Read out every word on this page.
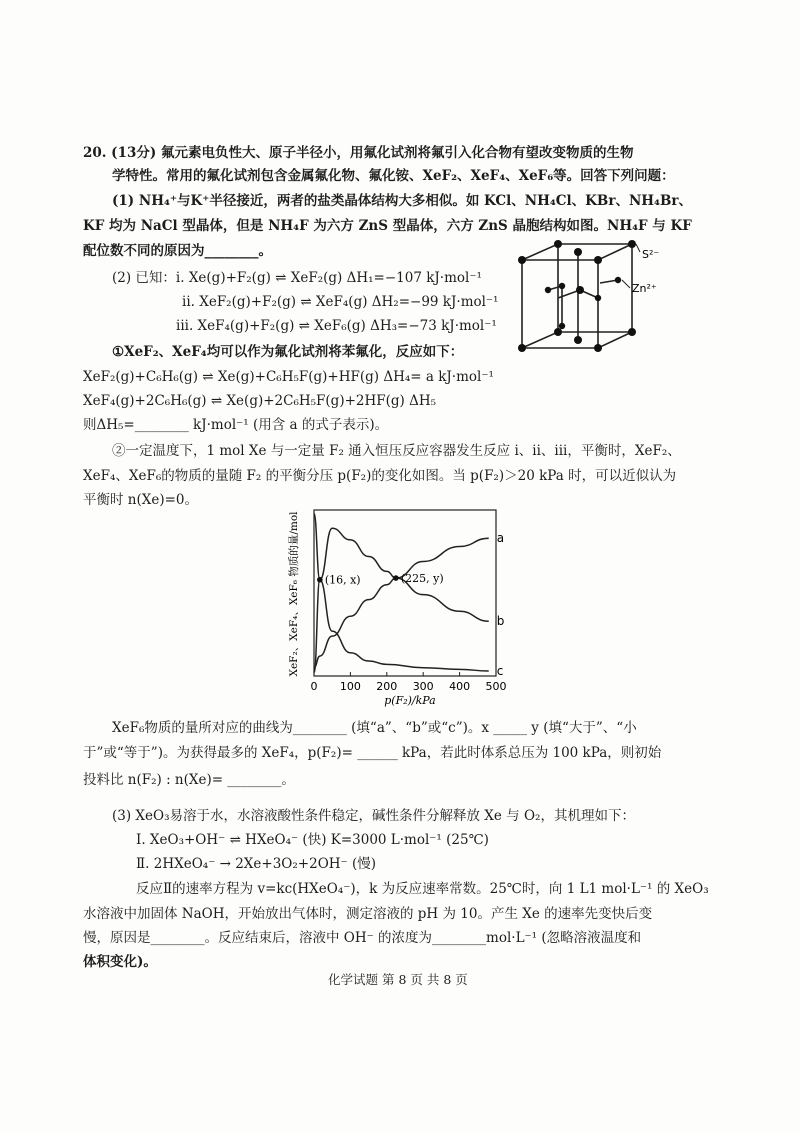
20. (13分) 氟元素电负性大、原子半径小，用氟化试剂将氟引入化合物有望改变物质的生物
学特性。常用的氟化试剂包含金属氟化物、氟化铵、XeF₂、XeF₄、XeF₆等。回答下列问题：
(1) NH₄⁺与K⁺半径接近，两者的盐类晶体结构大多相似。如 KCl、NH₄Cl、KBr、NH₄Br、
KF 均为 NaCl 型晶体，但是 NH₄F 为六方 ZnS 型晶体，六方 ZnS 晶胞结构如图。NH₄F 与 KF
配位数不同的原因为________。
(2) 已知：i. Xe(g)+F₂(g) ⇌ XeF₂(g) ΔH₁=−107 kJ·mol⁻¹
ii. XeF₂(g)+F₂(g) ⇌ XeF₄(g) ΔH₂=−99 kJ·mol⁻¹
iii. XeF₄(g)+F₂(g) ⇌ XeF₆(g) ΔH₃=−73 kJ·mol⁻¹
①XeF₂、XeF₄均可以作为氟化试剂将苯氟化，反应如下：
XeF₂(g)+C₆H₆(g) ⇌ Xe(g)+C₆H₅F(g)+HF(g) ΔH₄= a kJ·mol⁻¹
XeF₄(g)+2C₆H₆(g) ⇌ Xe(g)+2C₆H₅F(g)+2HF(g) ΔH₅
则ΔH₅=________ kJ·mol⁻¹ (用含 a 的式子表示)。
②一定温度下，1 mol Xe 与一定量 F₂ 通入恒压反应容器发生反应 i、ii、iii，平衡时，XeF₂、
XeF₄、XeF₆的物质的量随 F₂ 的平衡分压 p(F₂)的变化如图。当 p(F₂)＞20 kPa 时，可以近似认为
平衡时 n(Xe)=0。
S²⁻
Zn²⁺
0 100 200 300 400 500
a
b
c
(16, x)	(225, y)
XeF₂、XeF₄、XeF₆ 物质的量/mol
p(F₂)/kPa
XeF₆物质的量所对应的曲线为________ (填“a”、“b”或“c”)。x _____ y (填“大于”、“小
于”或“等于”)。为获得最多的 XeF₄，p(F₂)= ______ kPa，若此时体系总压为 100 kPa，则初始
投料比 n(F₂) : n(Xe)= ________。
(3) XeO₃易溶于水，水溶液酸性条件稳定，碱性条件分解释放 Xe 与 O₂，其机理如下：
Ⅰ. XeO₃+OH⁻ ⇌ HXeO₄⁻ (快) K=3000 L·mol⁻¹ (25℃)
Ⅱ. 2HXeO₄⁻ → 2Xe+3O₂+2OH⁻ (慢)
反应Ⅱ的速率方程为 v=kc(HXeO₄⁻)，k 为反应速率常数。25℃时，向 1 L1 mol·L⁻¹ 的 XeO₃
水溶液中加固体 NaOH，开始放出气体时，测定溶液的 pH 为 10。产生 Xe 的速率先变快后变
慢，原因是________。反应结束后，溶液中 OH⁻ 的浓度为________mol·L⁻¹ (忽略溶液温度和
体积变化)。
化学试题 第 8 页 共 8 页
